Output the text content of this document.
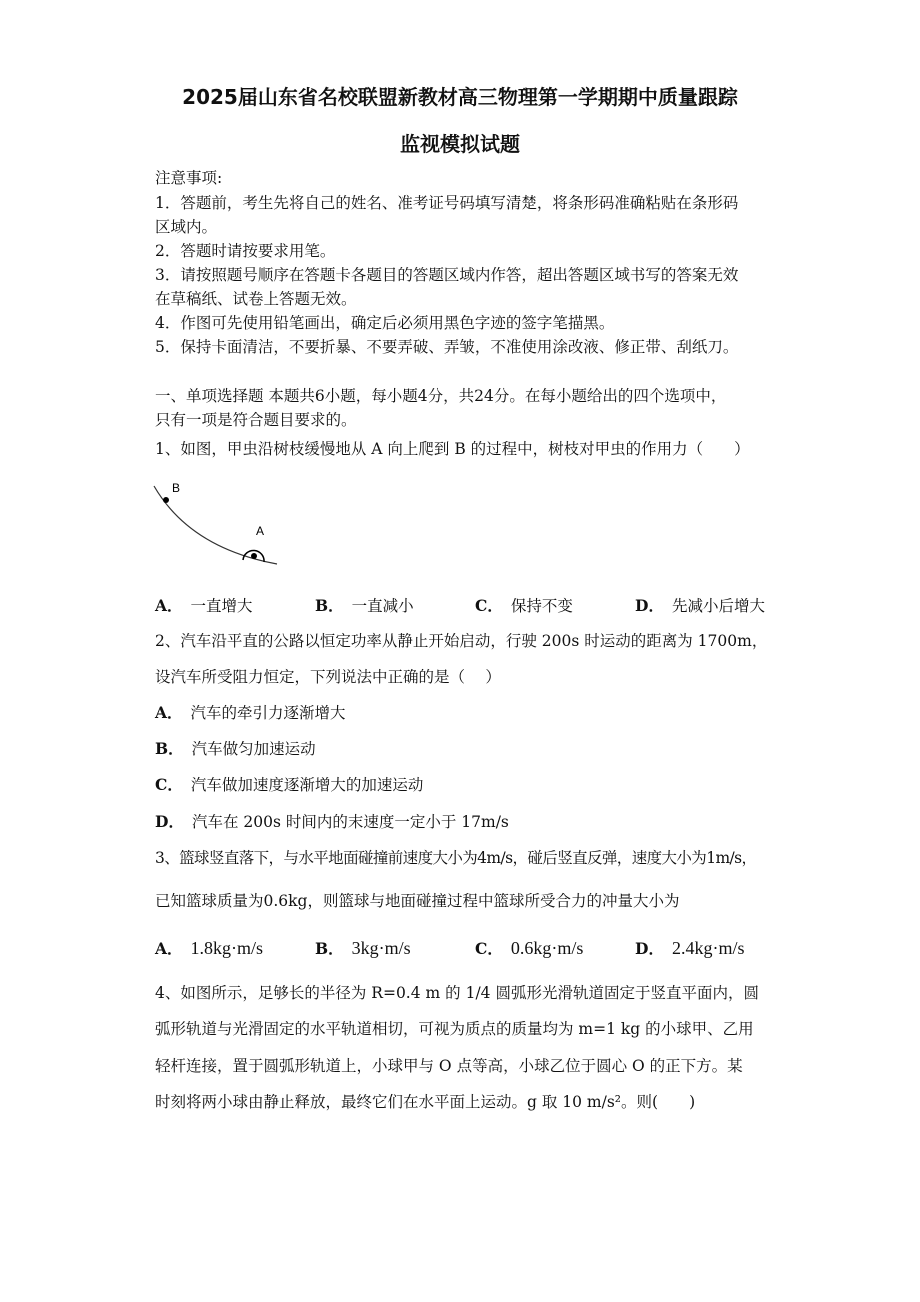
2025届山东省名校联盟新教材高三物理第一学期期中质量跟踪
监视模拟试题
注意事项:
1．答题前，考生先将自己的姓名、准考证号码填写清楚，将条形码准确粘贴在条形码
区域内。
2．答题时请按要求用笔。
3．请按照题号顺序在答题卡各题目的答题区域内作答，超出答题区域书写的答案无效
在草稿纸、试卷上答题无效。
4．作图可先使用铅笔画出，确定后必须用黑色字迹的签字笔描黑。
5．保持卡面清洁，不要折暴、不要弄破、弄皱，不准使用涂改液、修正带、刮纸刀。
一、单项选择题 本题共6小题，每小题4分，共24分。在每小题给出的四个选项中，
只有一项是符合题目要求的。
1、如图，甲虫沿树枝缓慢地从 A 向上爬到 B 的过程中，树枝对甲虫的作用力（　　）
B
A
A． 一直增大	B． 一直减小	C． 保持不变	D． 先减小后增大
2、汽车沿平直的公路以恒定功率从静止开始启动，行驶 200s 时运动的距离为 1700m，
设汽车所受阻力恒定，下列说法中正确的是（　 ）
A． 汽车的牵引力逐渐增大
B． 汽车做匀加速运动
C． 汽车做加速度逐渐增大的加速运动
D． 汽车在 200s 时间内的末速度一定小于 17m/s
3、篮球竖直落下，与水平地面碰撞前速度大小为4m/s，碰后竖直反弹，速度大小为1m/s，
已知篮球质量为0.6kg，则篮球与地面碰撞过程中篮球所受合力的冲量大小为
A． 1.8kg·m/s	B． 3kg·m/s	C． 0.6kg·m/s	D． 2.4kg·m/s
4、如图所示，足够长的半径为 R=0.4 m 的 1/4 圆弧形光滑轨道固定于竖直平面内，圆
弧形轨道与光滑固定的水平轨道相切，可视为质点的质量均为 m=1 kg 的小球甲、乙用
轻杆连接，置于圆弧形轨道上，小球甲与 O 点等高，小球乙位于圆心 O 的正下方。某
时刻将两小球由静止释放，最终它们在水平面上运动。g 取 10 m/s²。则(　　)
